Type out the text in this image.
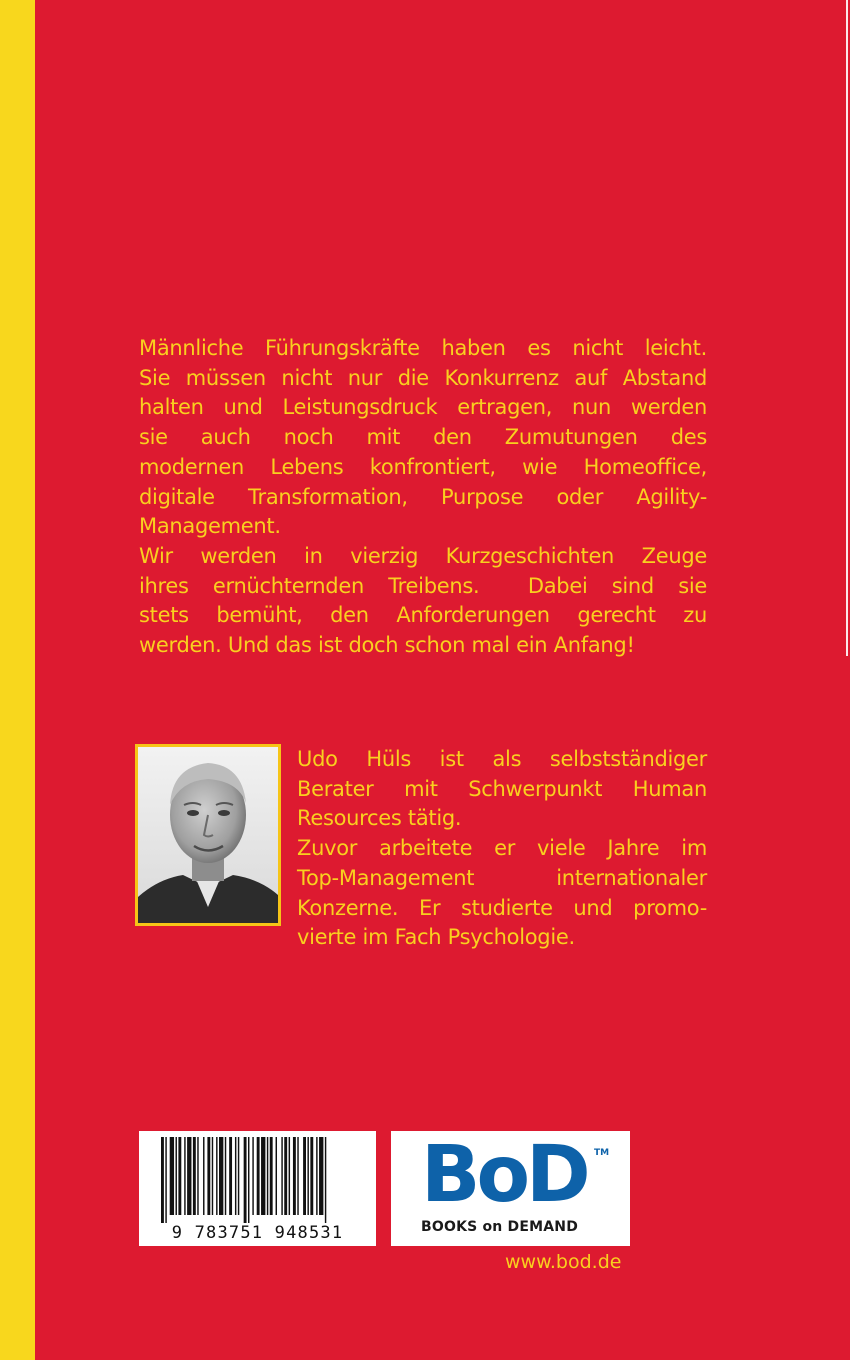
Männliche Führungskräfte haben es nicht leicht.
Sie müssen nicht nur die Konkurrenz auf Abstand
halten und Leistungsdruck ertragen, nun werden
sie auch noch mit den Zumutungen des
modernen Lebens konfrontiert, wie Homeoffice,
digitale Transformation, Purpose oder Agility-
Management.

Wir werden in vierzig Kurzgeschichten Zeuge
ihres ernüchternden Treibens.  Dabei sind sie
stets bemüht, den Anforderungen gerecht zu
werden. Und das ist doch schon mal ein Anfang!

Udo Hüls ist als selbstständiger
Berater mit Schwerpunkt Human
Resources tätig.
Zuvor arbeitete er viele Jahre im
Top-Management internationaler
Konzerne. Er studierte und promo-
vierte im Fach Psychologie.
9 783751 948531
BoD TM
BOOKS on DEMAND
www.bod.de
